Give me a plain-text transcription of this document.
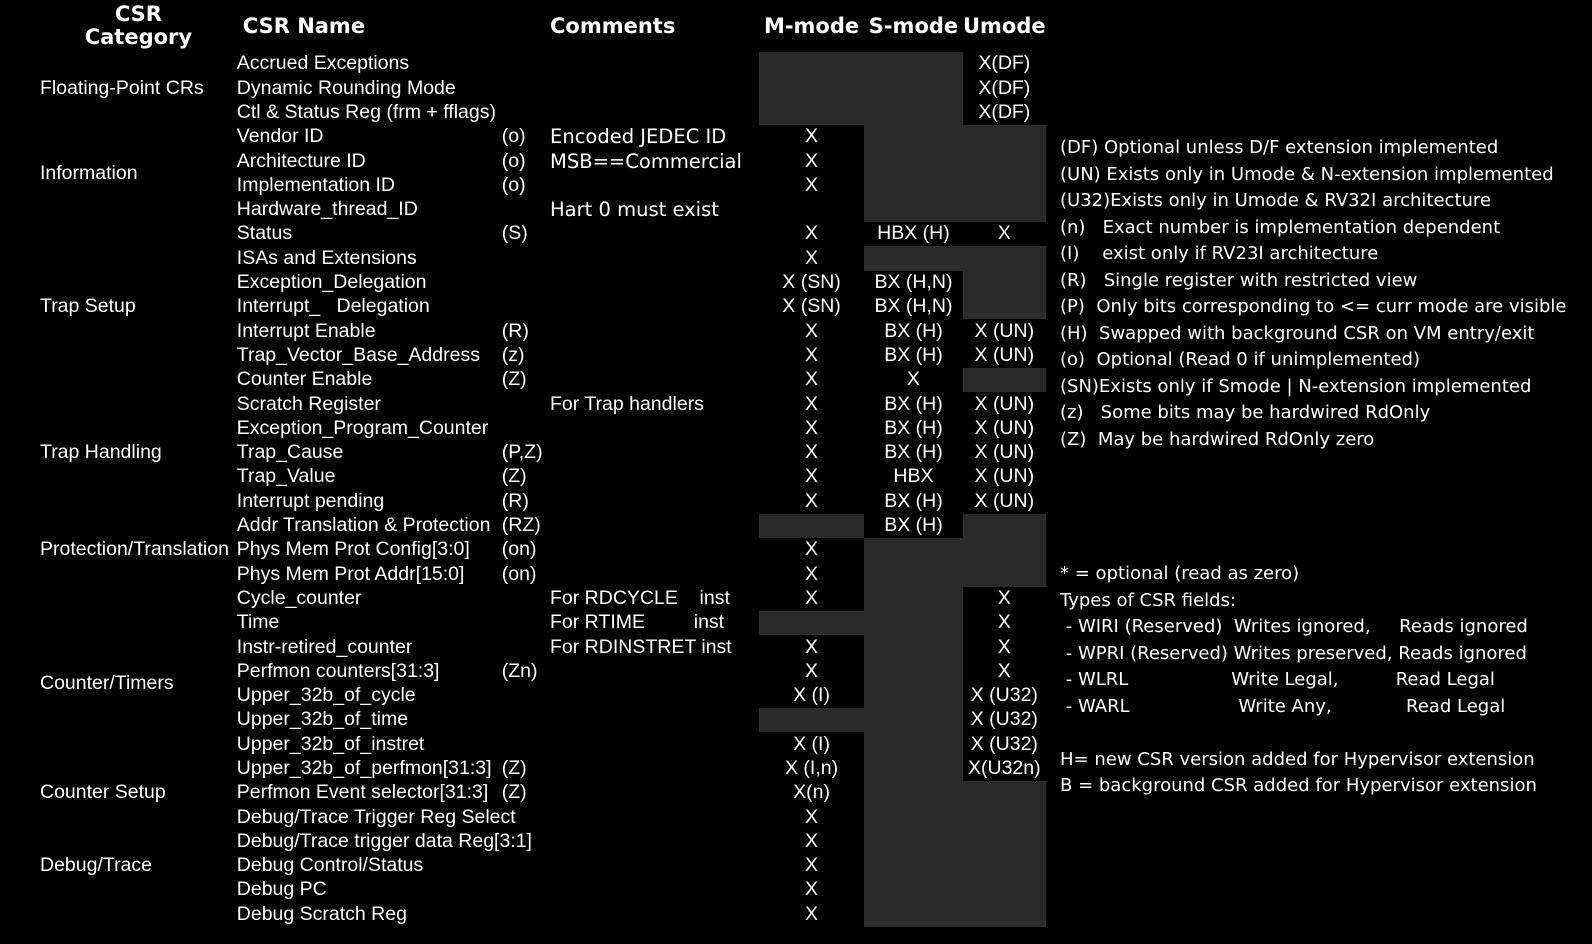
CSR
Category	CSR Name	Comments	M-mode	S-mode	Umode
Floating-Point CRs	Accrued Exceptions				X(DF)
	Dynamic Rounding Mode				X(DF)
	Ctl & Status Reg (frm + fflags)				X(DF)
Information	Vendor ID (o)	Encoded JEDEC ID	X		
	Architecture ID (o)	MSB==Commercial	X		
	Implementation ID (o)		X		
	Hardware_thread_ID	Hart 0 must exist			
Trap Setup	Status (S)		X	HBX (H)	X
	ISAs and Extensions		X		
	Exception_Delegation		X (SN)	BX (H,N)	
	Interrupt_   Delegation		X (SN)	BX (H,N)	
	Interrupt Enable (R)		X	BX (H)	X (UN)
	Trap_Vector_Base_Address (z)		X	BX (H)	X (UN)
	Counter Enable (Z)		X	X	
Trap Handling	Scratch Register	For Trap handlers	X	BX (H)	X (UN)
	Exception_Program_Counter		X	BX (H)	X (UN)
	Trap_Cause (P,Z)		X	BX (H)	X (UN)
	Trap_Value (Z)		X	HBX	X (UN)
	Interrupt pending (R)		X	BX (H)	X (UN)
Protection/Translation	Addr Translation & Protection (RZ)			BX (H)	
	Phys Mem Prot Config[3:0] (on)		X		
	Phys Mem Prot Addr[15:0] (on)		X		
Counter/Timers	Cycle_counter	For RDCYCLE    inst	X		X
	Time	For RTIME         inst			X
	Instr-retired_counter	For RDINSTRET inst	X		X
	Perfmon counters[31:3] (Zn)		X		X
	Upper_32b_of_cycle		X (I)		X (U32)
	Upper_32b_of_time				X (U32)
	Upper_32b_of_instret		X (I)		X (U32)
	Upper_32b_of_perfmon[31:3] (Z)		X (I,n)		X(U32n)
Counter Setup	Perfmon Event selector[31:3] (Z)		X(n)		
Debug/Trace	Debug/Trace Trigger Reg Select		X		
	Debug/Trace trigger data Reg[3:1]		X		
	Debug Control/Status		X		
	Debug PC		X		
	Debug Scratch Reg		X		
(DF) Optional unless D/F extension implemented
(UN) Exists only in Umode & N-extension implemented
(U32)Exists only in Umode & RV32I architecture
(n)   Exact number is implementation dependent
(I)    exist only if RV23I architecture
(R)   Single register with restricted view
(P)  Only bits corresponding to <= curr mode are visible
(H)  Swapped with background CSR on VM entry/exit
(o)  Optional (Read 0 if unimplemented)
(SN)Exists only if Smode | N-extension implemented
(z)   Some bits may be hardwired RdOnly
(Z)  May be hardwired RdOnly zero
* = optional (read as zero)
Types of CSR fields:
- WIRI (Reserved)  Writes ignored,     Reads ignored
- WPRI (Reserved) Writes preserved, Reads ignored
- WLRL                  Write Legal,          Read Legal
- WARL                   Write Any,             Read Legal
H= new CSR version added for Hypervisor extension
B = background CSR added for Hypervisor extension
